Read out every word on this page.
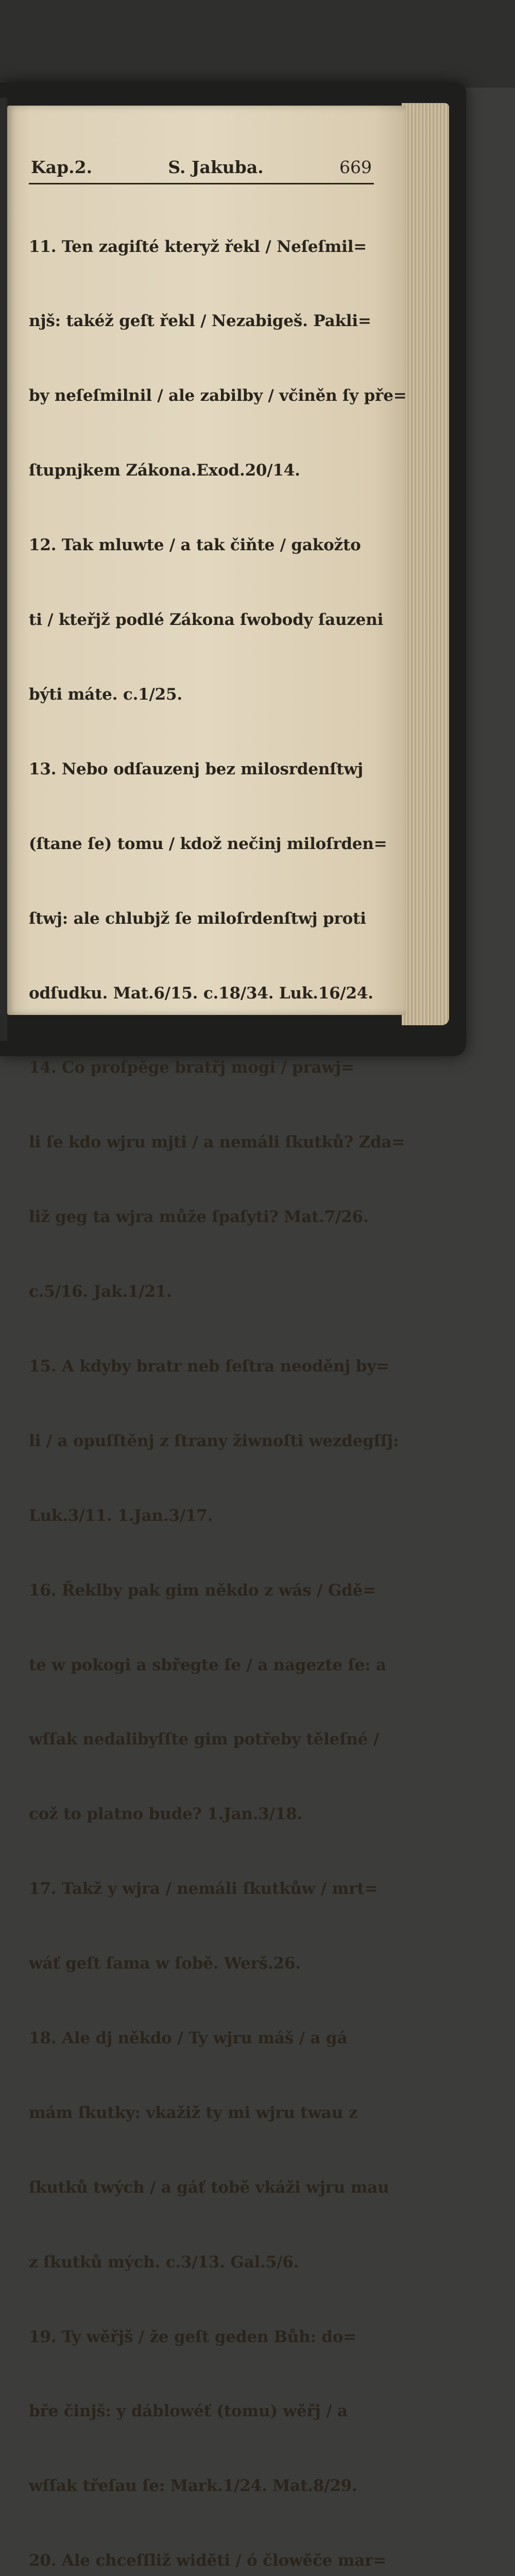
Kap.2.	S. Jakuba.	669

11. Ten zagiſté kteryž řekl / Neſeſmil=

njš: takéž geſt řekl / Nezabigeš. Pakli=

by neſeſmilnil / ale zabilby / včiněn ſy pře=

ſtupnjkem Zákona.Exod.20/14.

12. Tak mluwte / a tak čiňte / gakožto

ti / kteřjž podlé Zákona ſwobody ſauzeni

býti máte. c.1/25.

13. Nebo odſauzenj bez milosrdenſtwj

(ſtane ſe) tomu / kdož nečinj miloſrden=

ſtwj: ale chlubjž ſe miloſrdenſtwj proti

odſudku. Mat.6/15. c.18/34. Luk.16/24.

14. Co proſpěge bratřj mogi / prawj=

li ſe kdo wjru mjti / a nemáli ſkutků? Zda=

liž geg ta wjra může ſpaſyti? Mat.7/26.

c.5/16. Jak.1/21.

15. A kdyby bratr neb ſeſtra neoděnj by=

li / a opuſſtěnj z ſtrany žiwnoſti wezdegſſj:

Luk.3/11. 1.Jan.3/17.

16. Řeklby pak gim někdo z wás / Gdě=

te w pokogi a sbřegte ſe / a nagezte ſe: a

wſſak nedalibyſſte gim potřeby těleſné /

což to platno bude? 1.Jan.3/18.

17. Takž y wjra / nemáli ſkutkůw / mrt=

wáť geſt ſama w ſobě. Werš.26.

18. Ale dj někdo / Ty wjru máš / a gá

mám ſkutky: vkažiž ty mi wjru twau z

ſkutků twých / a gáť tobě vkáži wjru mau

z ſkutků mých. c.3/13. Gal.5/6.

19. Ty wěřjš / že geſt geden Bůh: do=

bře činjš: y dáblowéť (tomu) wěřj / a

wſſak třeſau ſe: Mark.1/24. Mat.8/29.

20. Ale chceſſliž widěti / ó člowěče mar=
